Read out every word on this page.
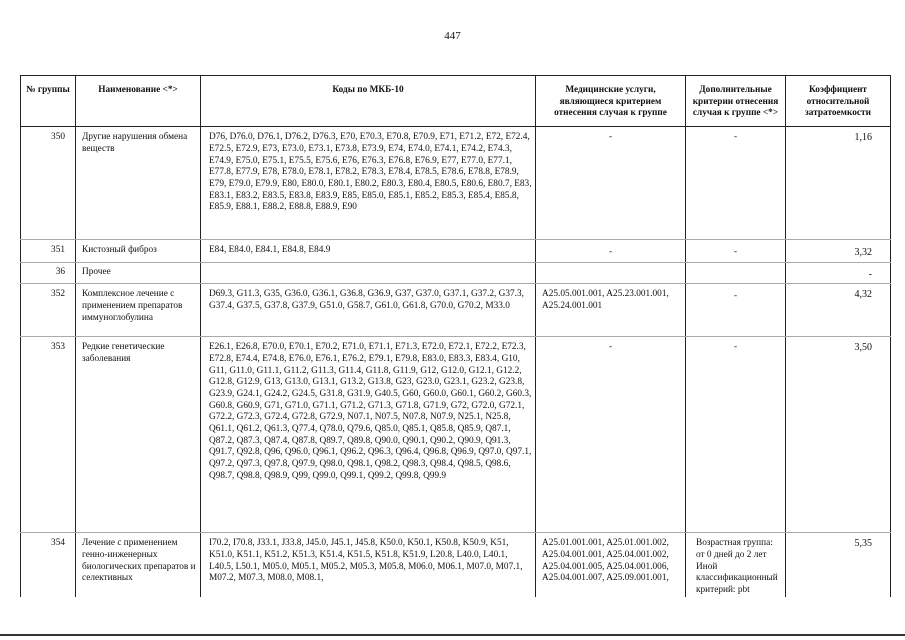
447
№ группы	Наименование <*>	Коды по МКБ-10	Медицинские услуги, являющиеся критерием отнесения случая к группе	Дополнительные критерии отнесения случая к группе <*>	Коэффициент относительной затратоемкости
350	Другие нарушения обмена веществ	D76, D76.0, D76.1, D76.2, D76.3, E70, E70.3, E70.8, E70.9, E71, E71.2, E72, E72.4, E72.5, E72.9, E73, E73.0, E73.1, E73.8, E73.9, E74, E74.0, E74.1, E74.2, E74.3, E74.9, E75.0, E75.1, E75.5, E75.6, E76, E76.3, E76.8, E76.9, E77, E77.0, E77.1, E77.8, E77.9, E78, E78.0, E78.1, E78.2, E78.3, E78.4, E78.5, E78.6, E78.8, E78.9, E79, E79.0, E79.9, E80, E80.0, E80.1, E80.2, E80.3, E80.4, E80.5, E80.6, E80.7, E83, E83.1, E83.2, E83.5, E83.8, E83.9, E85, E85.0, E85.1, E85.2, E85.3, E85.4, E85.8, E85.9, E88.1, E88.2, E88.8, E88.9, E90	-	-	1,16
351	Кистозный фиброз	E84, E84.0, E84.1, E84.8, E84.9	-	-	3,32
36	Прочее				-
352	Комплексное лечение с применением препаратов иммуноглобулина	D69.3, G11.3, G35, G36.0, G36.1, G36.8, G36.9, G37, G37.0, G37.1, G37.2, G37.3, G37.4, G37.5, G37.8, G37.9, G51.0, G58.7, G61.0, G61.8, G70.0, G70.2, M33.0	A25.05.001.001, A25.23.001.001, A25.24.001.001	-	4,32
353	Редкие генетические заболевания	E26.1, E26.8, E70.0, E70.1, E70.2, E71.0, E71.1, E71.3, E72.0, E72.1, E72.2, E72.3, E72.8, E74.4, E74.8, E76.0, E76.1, E76.2, E79.1, E79.8, E83.0, E83.3, E83.4, G10, G11, G11.0, G11.1, G11.2, G11.3, G11.4, G11.8, G11.9, G12, G12.0, G12.1, G12.2, G12.8, G12.9, G13, G13.0, G13.1, G13.2, G13.8, G23, G23.0, G23.1, G23.2, G23.8, G23.9, G24.1, G24.2, G24.5, G31.8, G31.9, G40.5, G60, G60.0, G60.1, G60.2, G60.3, G60.8, G60.9, G71, G71.0, G71.1, G71.2, G71.3, G71.8, G71.9, G72, G72.0, G72.1, G72.2, G72.3, G72.4, G72.8, G72.9, N07.1, N07.5, N07.8, N07.9, N25.1, N25.8, Q61.1, Q61.2, Q61.3, Q77.4, Q78.0, Q79.6, Q85.0, Q85.1, Q85.8, Q85.9, Q87.1, Q87.2, Q87.3, Q87.4, Q87.8, Q89.7, Q89.8, Q90.0, Q90.1, Q90.2, Q90.9, Q91.3, Q91.7, Q92.8, Q96, Q96.0, Q96.1, Q96.2, Q96.3, Q96.4, Q96.8, Q96.9, Q97.0, Q97.1, Q97.2, Q97.3, Q97.8, Q97.9, Q98.0, Q98.1, Q98.2, Q98.3, Q98.4, Q98.5, Q98.6, Q98.7, Q98.8, Q98.9, Q99, Q99.0, Q99.1, Q99.2, Q99.8, Q99.9	-	-	3,50
354	Лечение с применением генно-инженерных биологических препаратов и селективных	I70.2, I70.8, J33.1, J33.8, J45.0, J45.1, J45.8, K50.0, K50.1, K50.8, K50.9, K51, K51.0, K51.1, K51.2, K51.3, K51.4, K51.5, K51.8, K51.9, L20.8, L40.0, L40.1, L40.5, L50.1, M05.0, M05.1, M05.2, M05.3, M05.8, M06.0, M06.1, M07.0, M07.1, M07.2, M07.3, M08.0, M08.1,	A25.01.001.001, A25.01.001.002, A25.04.001.001, A25.04.001.002, A25.04.001.005, A25.04.001.006, A25.04.001.007, A25.09.001.001,	Возрастная группа: от 0 дней до 2 лет Иной классификационный критерий: pbt	5,35
